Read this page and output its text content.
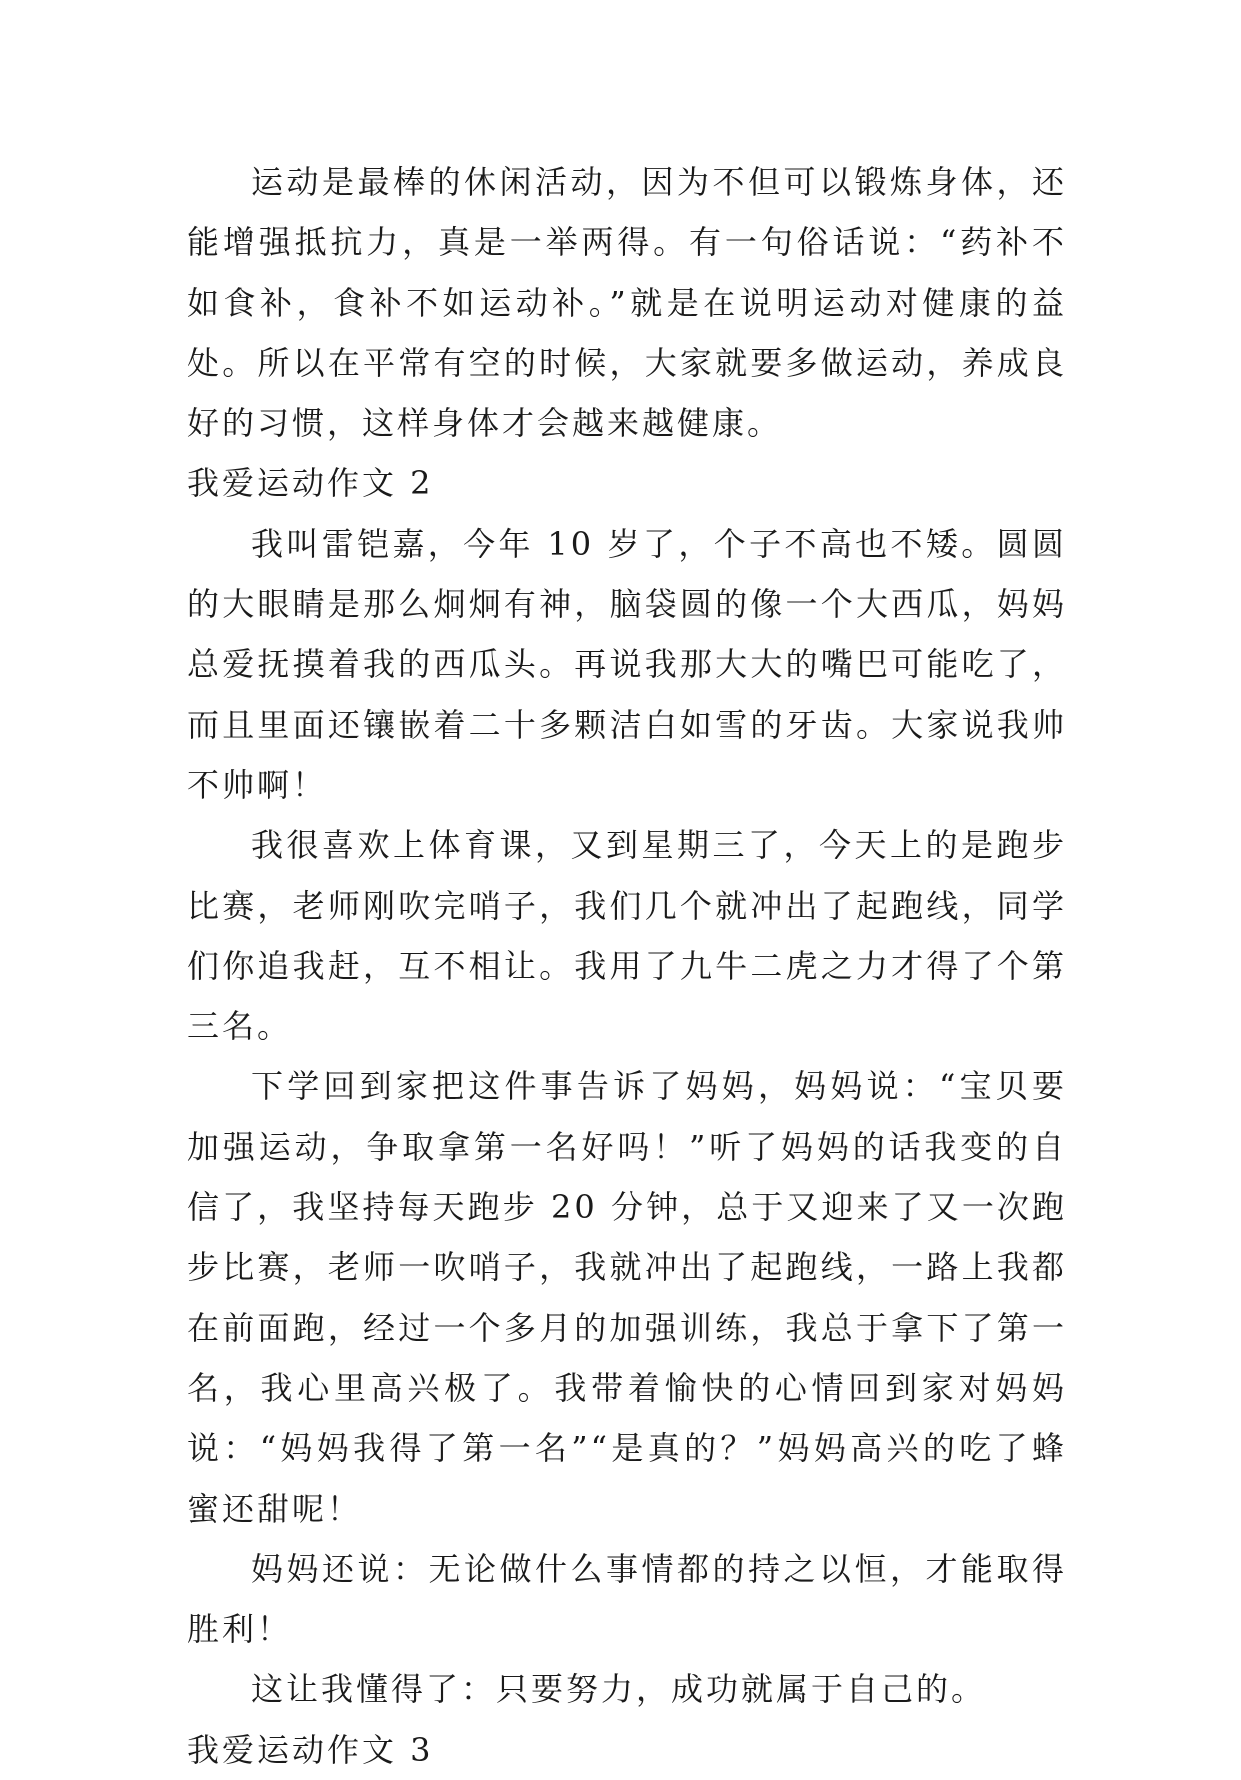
运动是最棒的休闲活动，因为不但可以锻炼身体，还能增强抵抗力，真是一举两得。有一句俗话说：“药补不如食补，食补不如运动补。”就是在说明运动对健康的益处。所以在平常有空的时候，大家就要多做运动，养成良好的习惯，这样身体才会越来越健康。

我爱运动作文 2

我叫雷铠嘉，今年 10 岁了，个子不高也不矮。圆圆的大眼睛是那么炯炯有神，脑袋圆的像一个大西瓜，妈妈总爱抚摸着我的西瓜头。再说我那大大的嘴巴可能吃了，而且里面还镶嵌着二十多颗洁白如雪的牙齿。大家说我帅不帅啊！

我很喜欢上体育课，又到星期三了，今天上的是跑步比赛，老师刚吹完哨子，我们几个就冲出了起跑线，同学们你追我赶，互不相让。我用了九牛二虎之力才得了个第三名。

下学回到家把这件事告诉了妈妈，妈妈说：“宝贝要加强运动，争取拿第一名好吗！”听了妈妈的话我变的自信了，我坚持每天跑步 20 分钟，总于又迎来了又一次跑步比赛，老师一吹哨子，我就冲出了起跑线，一路上我都在前面跑，经过一个多月的加强训练，我总于拿下了第一名，我心里高兴极了。我带着愉快的心情回到家对妈妈说：“妈妈我得了第一名”“是真的？”妈妈高兴的吃了蜂蜜还甜呢！

妈妈还说：无论做什么事情都的持之以恒，才能取得胜利！

这让我懂得了：只要努力，成功就属于自己的。

我爱运动作文 3
